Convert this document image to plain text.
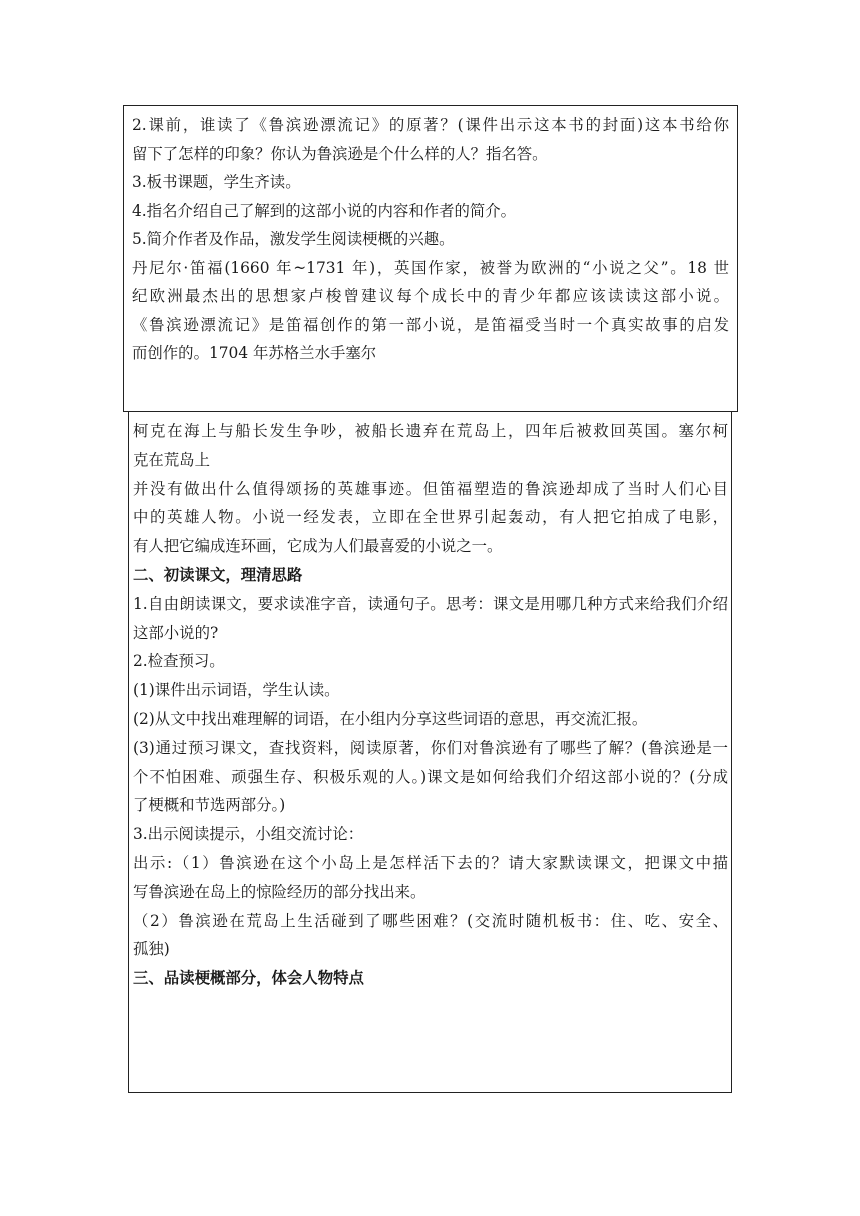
2.课前，谁读了《鲁滨逊漂流记》的原著？(课件出示这本书的封面)这本书给你
留下了怎样的印象？你认为鲁滨逊是个什么样的人？指名答。
3.板书课题，学生齐读。
4.指名介绍自己了解到的这部小说的内容和作者的简介。
5.简介作者及作品，激发学生阅读梗概的兴趣。
丹尼尔·笛福(1660 年~1731 年)，英国作家，被誉为欧洲的“小说之父”。18 世
纪欧洲最杰出的思想家卢梭曾建议每个成长中的青少年都应该读读这部小说。
《鲁滨逊漂流记》是笛福创作的第一部小说，是笛福受当时一个真实故事的启发
而创作的。1704 年苏格兰水手塞尔
柯克在海上与船长发生争吵，被船长遗弃在荒岛上，四年后被救回英国。塞尔柯
克在荒岛上
并没有做出什么值得颂扬的英雄事迹。但笛福塑造的鲁滨逊却成了当时人们心目
中的英雄人物。小说一经发表，立即在全世界引起轰动，有人把它拍成了电影，
有人把它编成连环画，它成为人们最喜爱的小说之一。
二、初读课文，理清思路
1.自由朗读课文，要求读准字音，读通句子。思考：课文是用哪几种方式来给我们介绍
这部小说的?
2.检查预习。
(1)课件出示词语，学生认读。
(2)从文中找出难理解的词语，在小组内分享这些词语的意思，再交流汇报。
(3)通过预习课文，查找资料，阅读原著，你们对鲁滨逊有了哪些了解？(鲁滨逊是一
个不怕困难、顽强生存、积极乐观的人。)课文是如何给我们介绍这部小说的？(分成
了梗概和节选两部分。)
3.出示阅读提示，小组交流讨论：
出示:（1）鲁滨逊在这个小岛上是怎样活下去的？请大家默读课文，把课文中描
写鲁滨逊在岛上的惊险经历的部分找出来。
（2）鲁滨逊在荒岛上生活碰到了哪些困难？(交流时随机板书：住、吃、安全、
孤独)
三、品读梗概部分，体会人物特点
